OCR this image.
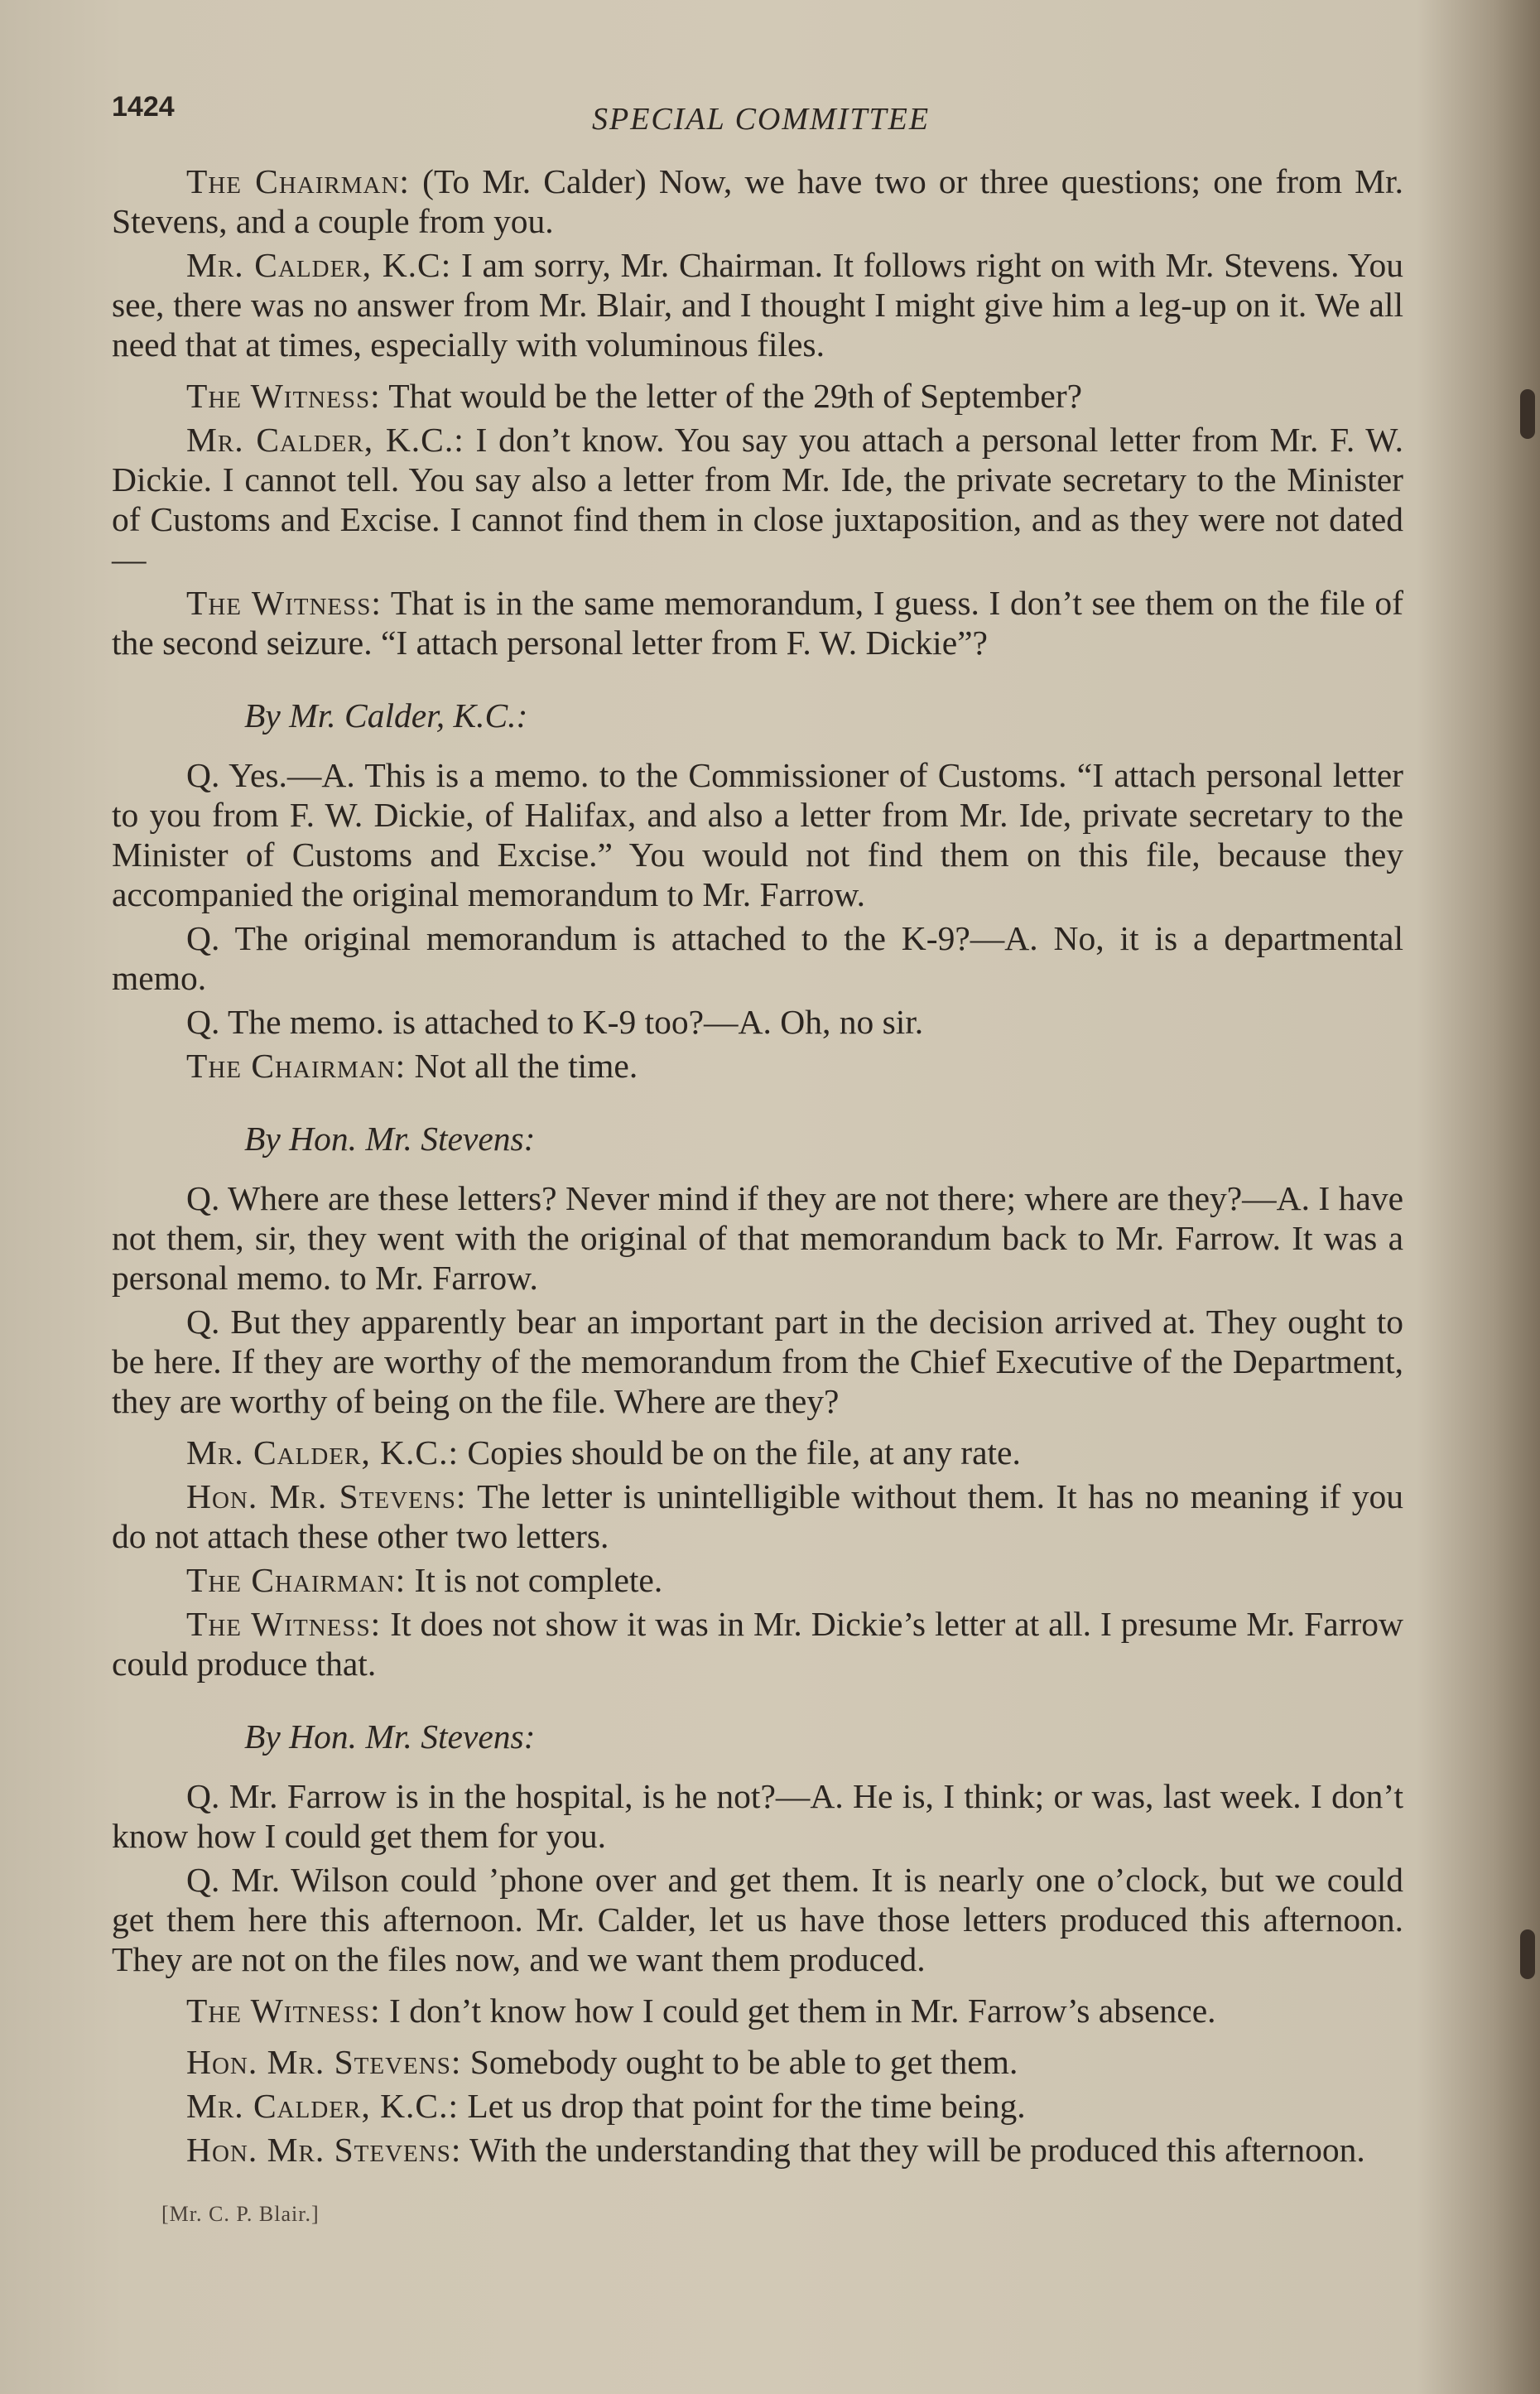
1424	SPECIAL COMMITTEE

The Chairman: (To Mr. Calder) Now, we have two or three questions; one from Mr. Stevens, and a couple from you.

Mr. Calder, K.C: I am sorry, Mr. Chairman. It follows right on with Mr. Stevens. You see, there was no answer from Mr. Blair, and I thought I might give him a leg-up on it. We all need that at times, especially with voluminous files.

The Witness: That would be the letter of the 29th of September?

Mr. Calder, K.C.: I don’t know. You say you attach a personal letter from Mr. F. W. Dickie. I cannot tell. You say also a letter from Mr. Ide, the private secretary to the Minister of Customs and Excise. I cannot find them in close juxtaposition, and as they were not dated—

The Witness: That is in the same memorandum, I guess. I don’t see them on the file of the second seizure. “I attach personal letter from F. W. Dickie”?

By Mr. Calder, K.C.:

Q. Yes.—A. This is a memo. to the Commissioner of Customs. “I attach personal letter to you from F. W. Dickie, of Halifax, and also a letter from Mr. Ide, private secretary to the Minister of Customs and Excise.” You would not find them on this file, because they accompanied the original memorandum to Mr. Farrow.

Q. The original memorandum is attached to the K-9?—A. No, it is a departmental memo.

Q. The memo. is attached to K-9 too?—A. Oh, no sir.

The Chairman: Not all the time.

By Hon. Mr. Stevens:

Q. Where are these letters? Never mind if they are not there; where are they?—A. I have not them, sir, they went with the original of that memorandum back to Mr. Farrow. It was a personal memo. to Mr. Farrow.

Q. But they apparently bear an important part in the decision arrived at. They ought to be here. If they are worthy of the memorandum from the Chief Executive of the Department, they are worthy of being on the file. Where are they?

Mr. Calder, K.C.: Copies should be on the file, at any rate.

Hon. Mr. Stevens: The letter is unintelligible without them. It has no meaning if you do not attach these other two letters.

The Chairman: It is not complete.

The Witness: It does not show it was in Mr. Dickie’s letter at all. I presume Mr. Farrow could produce that.

By Hon. Mr. Stevens:

Q. Mr. Farrow is in the hospital, is he not?—A. He is, I think; or was, last week. I don’t know how I could get them for you.

Q. Mr. Wilson could ’phone over and get them. It is nearly one o’clock, but we could get them here this afternoon. Mr. Calder, let us have those letters produced this afternoon. They are not on the files now, and we want them produced.

The Witness: I don’t know how I could get them in Mr. Farrow’s absence.

Hon. Mr. Stevens: Somebody ought to be able to get them.

Mr. Calder, K.C.: Let us drop that point for the time being.

Hon. Mr. Stevens: With the understanding that they will be produced this afternoon.

[Mr. C. P. Blair.]
